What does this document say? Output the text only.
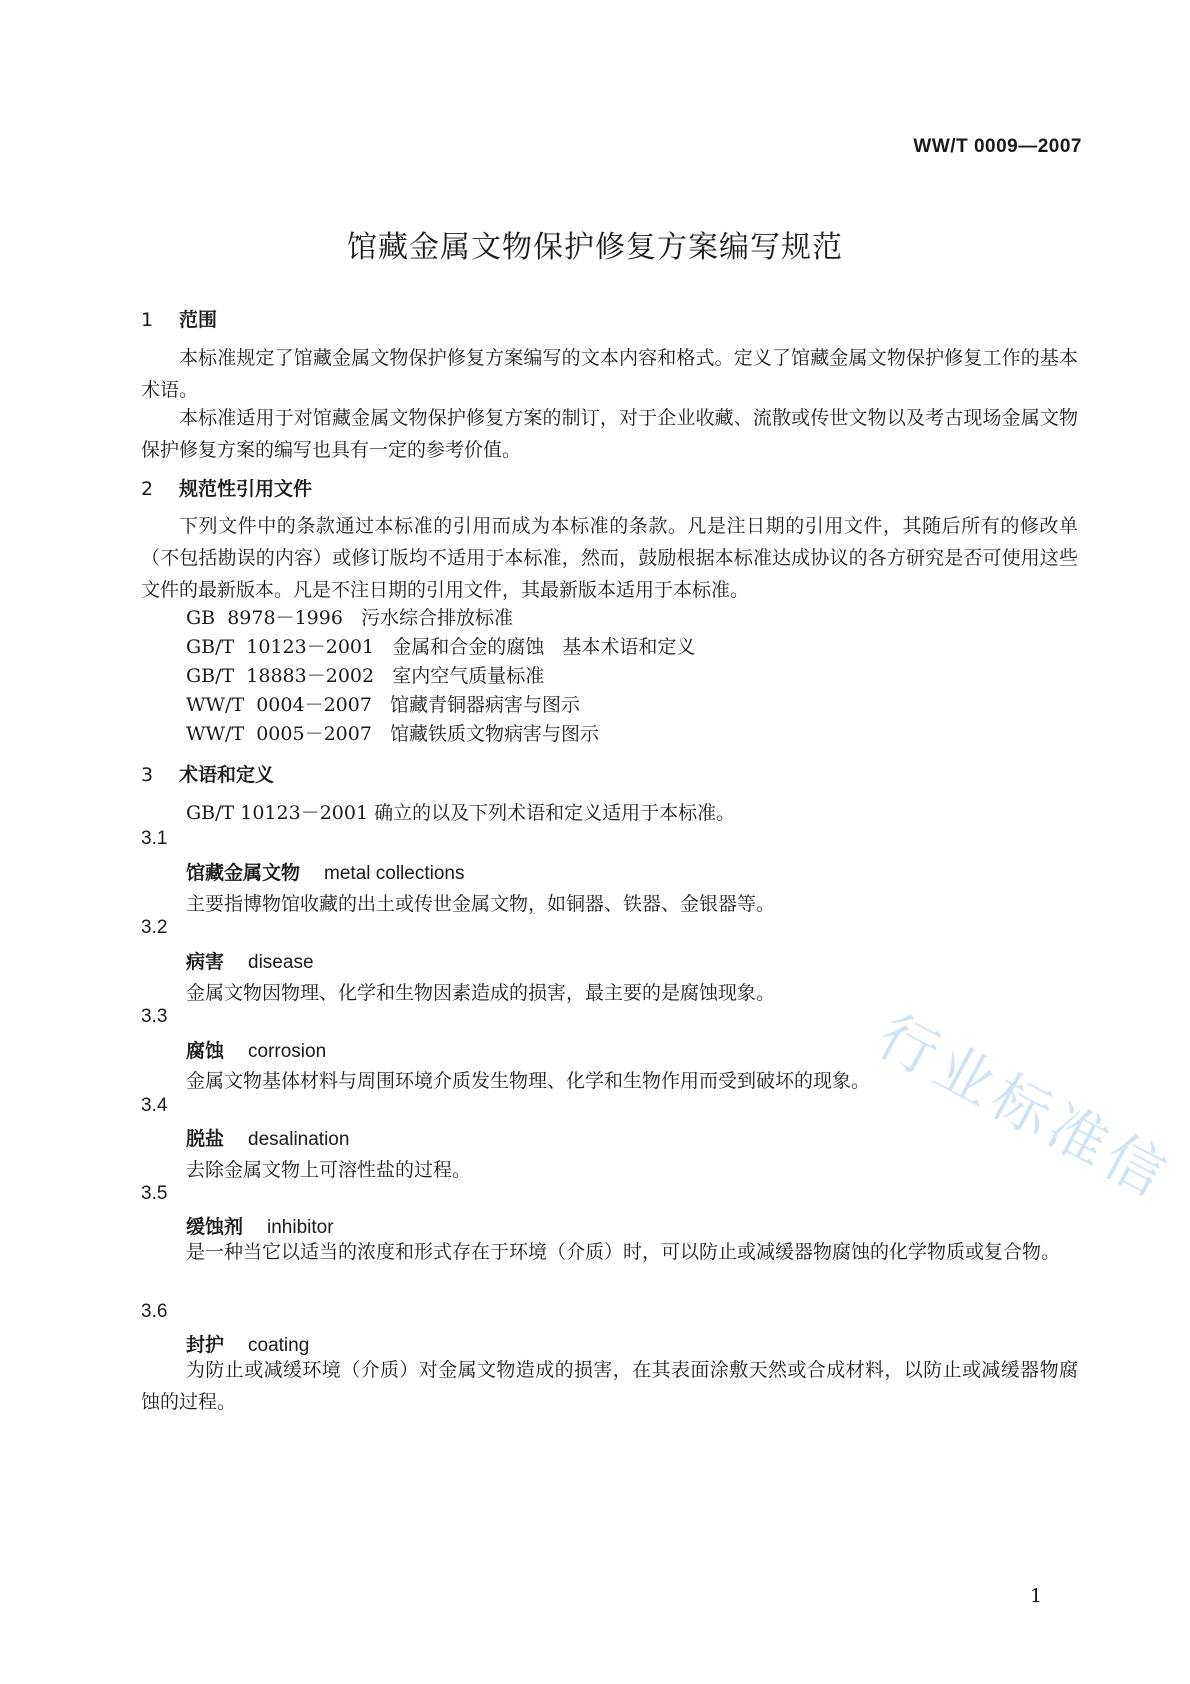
WW/T 0009—2007
馆藏金属文物保护修复方案编写规范
1 范围
本标准规定了馆藏金属文物保护修复方案编写的文本内容和格式。定义了馆藏金属文物保护修复工作的基本术语。
本标准适用于对馆藏金属文物保护修复方案的制订，对于企业收藏、流散或传世文物以及考古现场金属文物保护修复方案的编写也具有一定的参考价值。
2 规范性引用文件
下列文件中的条款通过本标准的引用而成为本标准的条款。凡是注日期的引用文件，其随后所有的修改单（不包括勘误的内容）或修订版均不适用于本标准，然而，鼓励根据本标准达成协议的各方研究是否可使用这些文件的最新版本。凡是不注日期的引用文件，其最新版本适用于本标准。
GB  8978－1996   污水综合排放标准
GB/T  10123－2001   金属和合金的腐蚀   基本术语和定义
GB/T  18883－2002   室内空气质量标准
WW/T  0004－2007   馆藏青铜器病害与图示
WW/T  0005－2007   馆藏铁质文物病害与图示
3 术语和定义
GB/T 10123－2001 确立的以及下列术语和定义适用于本标准。
3.1
馆藏金属文物 metal collections
主要指博物馆收藏的出土或传世金属文物，如铜器、铁器、金银器等。
3.2
病害 disease
金属文物因物理、化学和生物因素造成的损害，最主要的是腐蚀现象。
3.3
腐蚀 corrosion
金属文物基体材料与周围环境介质发生物理、化学和生物作用而受到破坏的现象。
3.4
脱盐 desalination
去除金属文物上可溶性盐的过程。
3.5
缓蚀剂 inhibitor
是一种当它以适当的浓度和形式存在于环境（介质）时，可以防止或减缓器物腐蚀的化学物质或复合物。
3.6
封护 coating
为防止或减缓环境（介质）对金属文物造成的损害，在其表面涂敷天然或合成材料，以防止或减缓器物腐蚀的过程。
行业标准信
1
